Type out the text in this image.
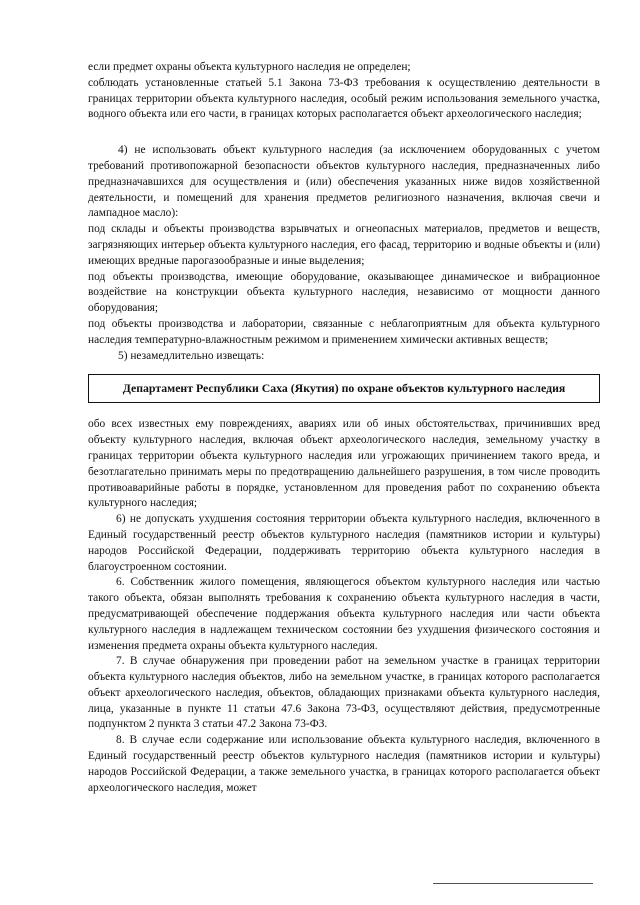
если предмет охраны объекта культурного наследия не определен;

соблюдать установленные статьей 5.1 Закона 73-ФЗ требования к осуществлению деятельности в границах территории объекта культурного наследия, особый режим использования земельного участка, водного объекта или его части, в границах которых располагается объект археологического наследия;

4) не использовать объект культурного наследия (за исключением оборудованных с учетом требований противопожарной безопасности объектов культурного наследия, предназначенных либо предназначавшихся для осуществления и (или) обеспечения указанных ниже видов хозяйственной деятельности, и помещений для хранения предметов религиозного назначения, включая свечи и лампадное масло):

под склады и объекты производства взрывчатых и огнеопасных материалов, предметов и веществ, загрязняющих интерьер объекта культурного наследия, его фасад, территорию и водные объекты и (или) имеющих вредные парогазообразные и иные выделения;

под объекты производства, имеющие оборудование, оказывающее динамическое и вибрационное воздействие на конструкции объекта культурного наследия, независимо от мощности данного оборудования;

под объекты производства и лаборатории, связанные с неблагоприятным для объекта культурного наследия температурно-влажностным режимом и применением химически активных веществ;

5) незамедлительно извещать:

Департамент Республики Саха (Якутия) по охране объектов культурного наследия

обо всех известных ему повреждениях, авариях или об иных обстоятельствах, причинивших вред объекту культурного наследия, включая объект археологического наследия, земельному участку в границах территории объекта культурного наследия или угрожающих причинением такого вреда, и безотлагательно принимать меры по предотвращению дальнейшего разрушения, в том числе проводить противоаварийные работы в порядке, установленном для проведения работ по сохранению объекта культурного наследия;

6) не допускать ухудшения состояния территории объекта культурного наследия, включенного в Единый государственный реестр объектов культурного наследия (памятников истории и культуры) народов Российской Федерации, поддерживать территорию объекта культурного наследия в благоустроенном состоянии.

6. Собственник жилого помещения, являющегося объектом культурного наследия или частью такого объекта, обязан выполнять требования к сохранению объекта культурного наследия в части, предусматривающей обеспечение поддержания объекта культурного наследия или части объекта культурного наследия в надлежащем техническом состоянии без ухудшения физического состояния и изменения предмета охраны объекта культурного наследия.

7. В случае обнаружения при проведении работ на земельном участке в границах территории объекта культурного наследия объектов, либо на земельном участке, в границах которого располагается объект археологического наследия, объектов, обладающих признаками объекта культурного наследия, лица, указанные в пункте 11 статьи 47.6 Закона 73-ФЗ, осуществляют действия, предусмотренные подпунктом 2 пункта 3 статьи 47.2 Закона 73-ФЗ.

8. В случае если содержание или использование объекта культурного наследия, включенного в Единый государственный реестр объектов культурного наследия (памятников истории и культуры) народов Российской Федерации, а также земельного участка, в границах которого располагается объект археологического наследия, может
